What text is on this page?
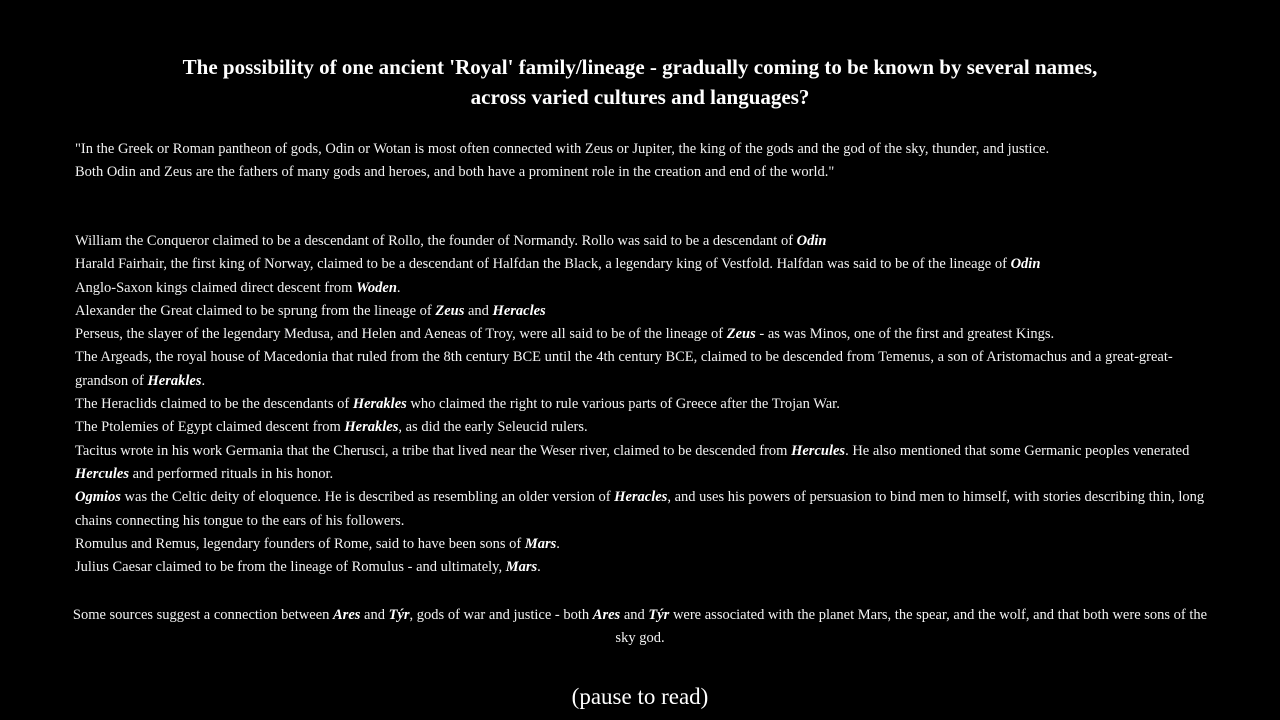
The possibility of one ancient 'Royal' family/lineage - gradually coming to be known by several names,
across varied cultures and languages?
"In the Greek or Roman pantheon of gods, Odin or Wotan is most often connected with Zeus or Jupiter, the king of the gods and the god of the sky, thunder, and justice.
Both Odin and Zeus are the fathers of many gods and heroes, and both have a prominent role in the creation and end of the world."
William the Conqueror claimed to be a descendant of Rollo, the founder of Normandy. Rollo was said to be a descendant of Odin
Harald Fairhair, the first king of Norway, claimed to be a descendant of Halfdan the Black, a legendary king of Vestfold. Halfdan was said to be of the lineage of Odin
Anglo-Saxon kings claimed direct descent from Woden.
Alexander the Great claimed to be sprung from the lineage of Zeus and Heracles
Perseus, the slayer of the legendary Medusa, and Helen and Aeneas of Troy, were all said to be of the lineage of Zeus - as was Minos, one of the first and greatest Kings.
The Argeads, the royal house of Macedonia that ruled from the 8th century BCE until the 4th century BCE, claimed to be descended from Temenus, a son of Aristomachus and a great-great-grandson of Herakles.
The Heraclids claimed to be the descendants of Herakles who claimed the right to rule various parts of Greece after the Trojan War.
The Ptolemies of Egypt claimed descent from Herakles, as did the early Seleucid rulers.
Tacitus wrote in his work Germania that the Cherusci, a tribe that lived near the Weser river, claimed to be descended from Hercules. He also mentioned that some Germanic peoples venerated Hercules and performed rituals in his honor.
Ogmios was the Celtic deity of eloquence. He is described as resembling an older version of Heracles, and uses his powers of persuasion to bind men to himself, with stories describing thin, long chains connecting his tongue to the ears of his followers.
Romulus and Remus, legendary founders of Rome, said to have been sons of Mars.
Julius Caesar claimed to be from the lineage of Romulus - and ultimately, Mars.
Some sources suggest a connection between Ares and Týr, gods of war and justice - both Ares and Týr were associated with the planet Mars, the spear, and the wolf, and that both were sons of the sky god.
(pause to read)
